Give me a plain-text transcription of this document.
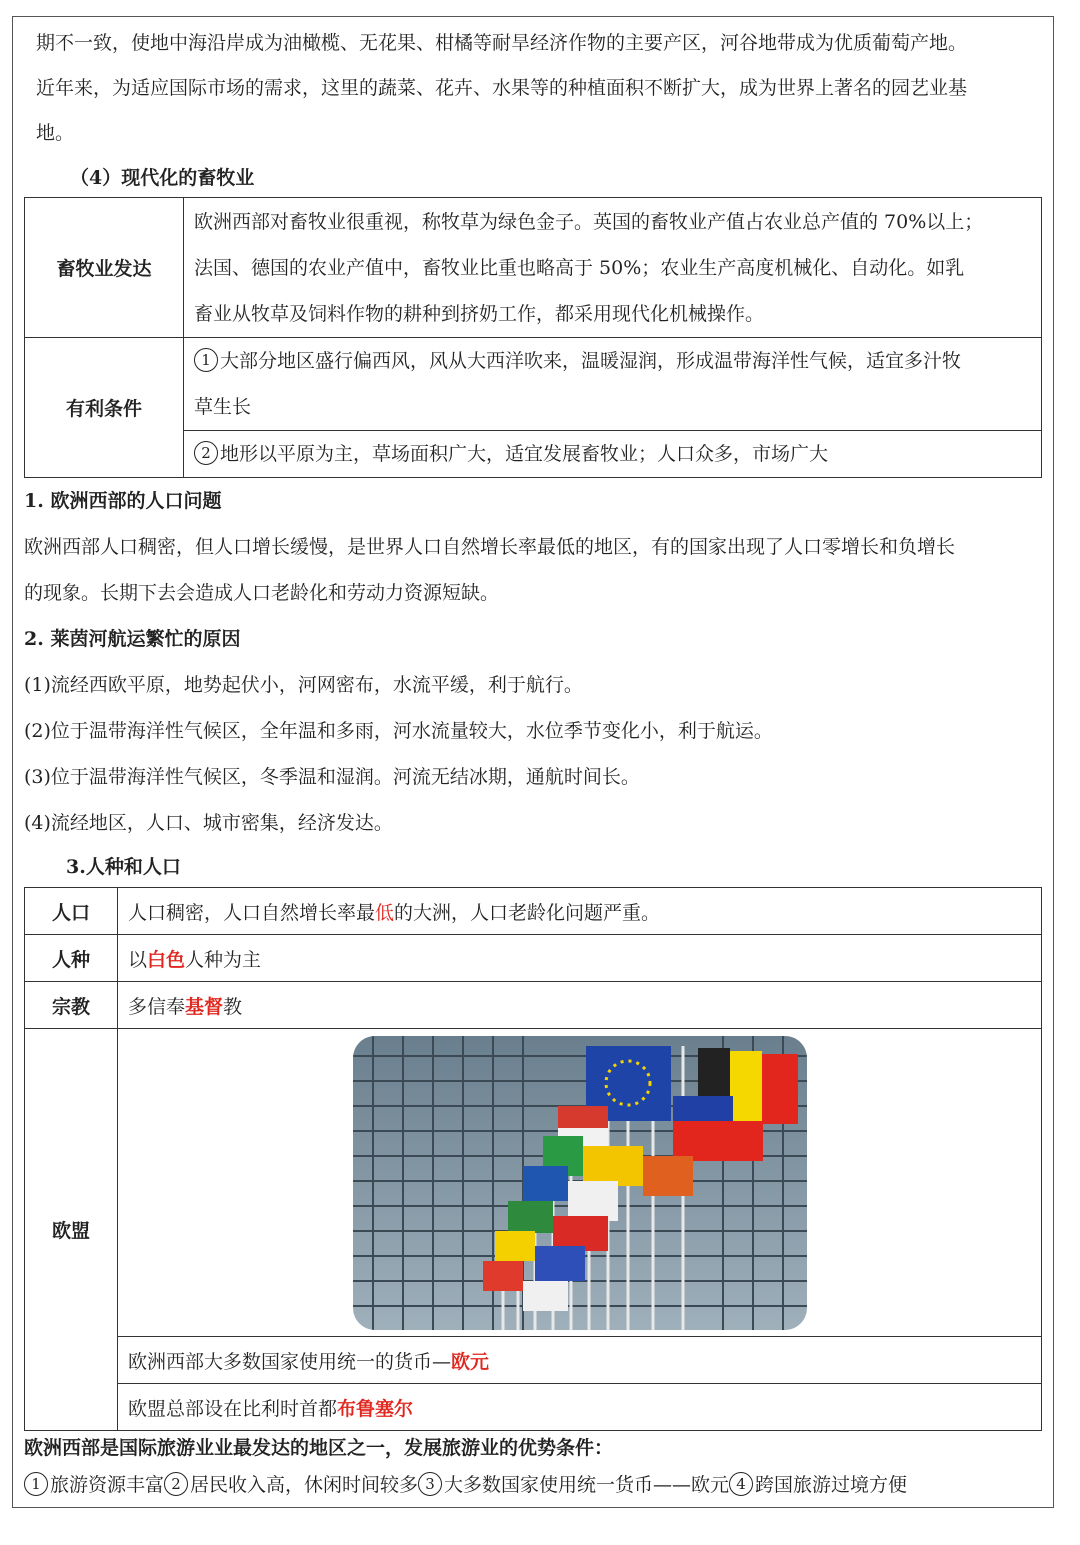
期不一致，使地中海沿岸成为油橄榄、无花果、柑橘等耐旱经济作物的主要产区，河谷地带成为优质葡萄产地。
近年来，为适应国际市场的需求，这里的蔬菜、花卉、水果等的种植面积不断扩大，成为世界上著名的园艺业基
地。
（4）现代化的畜牧业
畜牧业发达	欧洲西部对畜牧业很重视，称牧草为绿色金子。英国的畜牧业产值占农业总产值的 70%以上；
法国、德国的农业产值中，畜牧业比重也略高于 50%；农业生产高度机械化、自动化。如乳
畜业从牧草及饲料作物的耕种到挤奶工作，都采用现代化机械操作。

有利条件	1 大部分地区盛行偏西风，风从大西洋吹来，温暖湿润，形成温带海洋性气候，适宜多汁牧
草生长

	2 地形以平原为主，草场面积广大，适宜发展畜牧业；人口众多，市场广大
1. 欧洲西部的人口问题
欧洲西部人口稠密，但人口增长缓慢，是世界人口自然增长率最低的地区，有的国家出现了人口零增长和负增长
的现象。长期下去会造成人口老龄化和劳动力资源短缺。
2. 莱茵河航运繁忙的原因
(1)流经西欧平原，地势起伏小，河网密布，水流平缓，利于航行。
(2)位于温带海洋性气候区，全年温和多雨，河水流量较大，水位季节变化小，利于航运。
(3)位于温带海洋性气候区，冬季温和湿润。河流无结冰期，通航时间长。
(4)流经地区，人口、城市密集，经济发达。
3.人种和人口
人口	人口稠密，人口自然增长率最低的大洲，人口老龄化问题严重。
人种	以白色人种为主
宗教	多信奉基督教
欧盟	

	欧洲西部大多数国家使用统一的货币—欧元
	欧盟总部设在比利时首都布鲁塞尔
欧洲西部是国际旅游业业最发达的地区之一，发展旅游业的优势条件：
1 旅游资源丰富 2 居民收入高，休闲时间较多 3 大多数国家使用统一货币——欧元 4 跨国旅游过境方便
